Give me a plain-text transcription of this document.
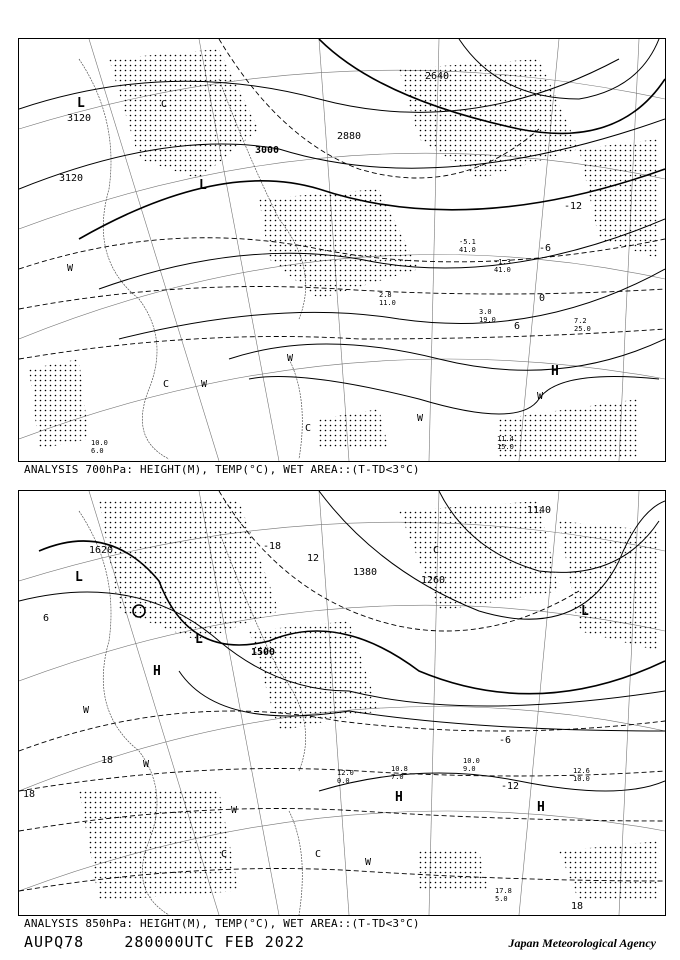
3120
3120
3000
2880
2640
-12
-6
0
6
L
L
H
C
C
C
W
W
W
W
W
-5.1
41.0
-1.3
41.0
2.8
11.0
3.0
19.0	7.2
25.0
10.0
6.0
11.4
15.0
ANALYSIS 700hPa: HEIGHT(M), TEMP(°C), WET AREA::(T-TD<3°C)
1620
1380
1260
1500
1140
-18
-12
-6
6
12
18
18
18
L
L
L
H
H
H
C
C	C
W
W
W
W
10.8
7.0
10.0
9.0	12.6
10.0
17.8
5.0
12.0
0.0
ANALYSIS 850hPa: HEIGHT(M), TEMP(°C), WET AREA::(T-TD<3°C)
AUPQ78	280000UTC FEB 2022	Japan Meteorological Agency
